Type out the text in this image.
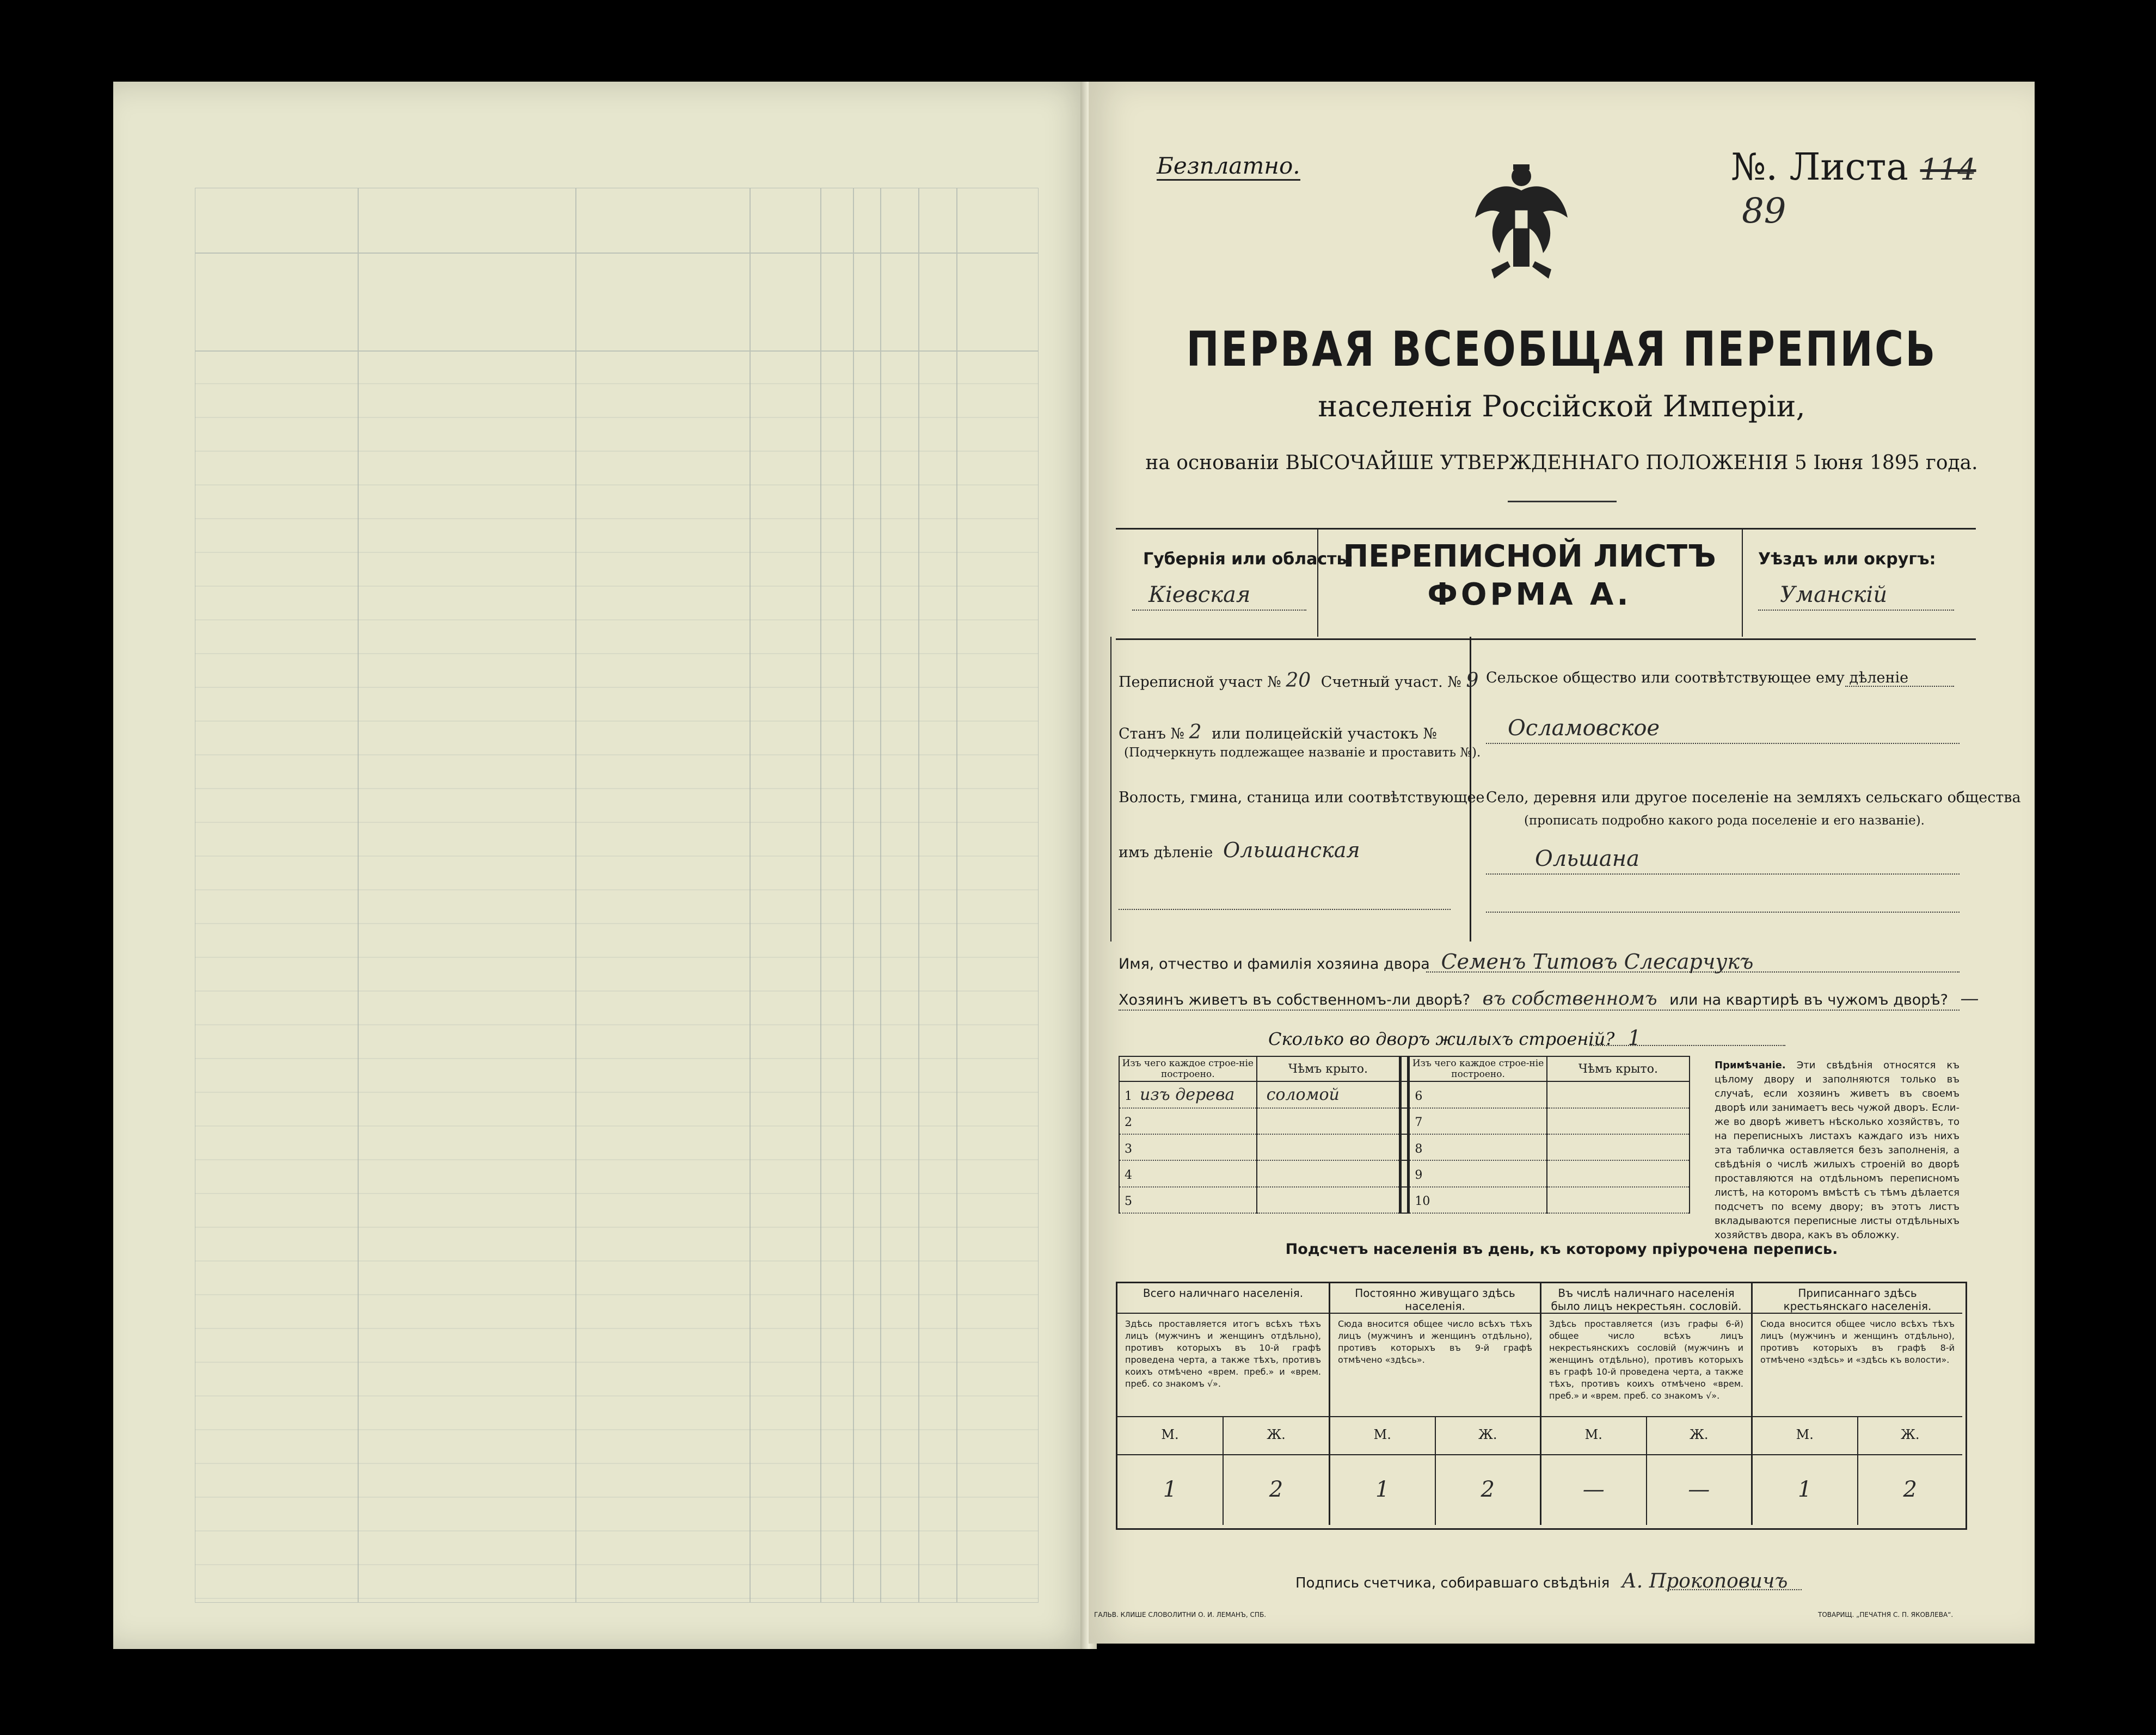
Безплатно.	№. Листа 114 89
ПЕРВАЯ ВСЕОБЩАЯ ПЕРЕПИСЬ
населенія Россійской Имперіи,
на основаніи ВЫСОЧАЙШЕ УТВЕРЖДЕННАГО ПОЛОЖЕНІЯ 5 Іюня 1895 года.
Губернія или область:
Кіевская
ПЕРЕПИСНОЙ ЛИСТЪ
ФОРМА А.
Уѣздъ или округъ:
Уманскій
Переписной участ № 20 Счетный участ. № 9
Станъ № 2 или полицейскій участокъ №
(Подчеркнуть подлежащее названіе и проставить №).
Волость, гмина, станица или соотвѣтствующее
имъ дѣленіе Ольшанская
Сельское общество или соотвѣтствующее ему дѣленіе
Осламовское
Село, деревня или другое поселеніе на земляхъ сельскаго общества
(прописать подробно какого рода поселеніе и его названіе).
Ольшана
Имя, отчество и фамилія хозяина двора Семенъ Титовъ Слесарчукъ
Хозяинъ живетъ въ собственномъ-ли дворѣ? въ собственномъ или на квартирѣ въ чужомъ дворѣ? —
Сколько во дворъ жилыхъ строеній? 1
Изъ чего каждое строе-ніе построено.	Чѣмъ крыто.		Изъ чего каждое строе-ніе построено.	Чѣмъ крыто.
1 изъ дерева	соломой		6	
2			7	
3			8	
4			9	
5			10	
Примѣчаніе. Эти свѣдѣнія относятся къ цѣлому двору и заполняются только въ случаѣ, если хозяинъ живетъ въ своемъ дворѣ или занимаетъ весь чужой дворъ. Если-же во дворѣ живетъ нѣсколько хозяйствъ, то на переписныхъ листахъ каждаго изъ нихъ эта табличка оставляется безъ заполненія, а свѣдѣнія о числѣ жилыхъ строеній во дворѣ проставляются на отдѣльномъ переписномъ листѣ, на которомъ вмѣстѣ съ тѣмъ дѣлается подсчетъ по всему двору; въ этотъ листъ вкладываются переписные листы отдѣльныхъ хозяйствъ двора, какъ въ обложку.
Подсчетъ населенія въ день, къ которому пріурочена перепись.
Всего наличнаго населенія.
Здѣсь проставляется итогъ всѣхъ тѣхъ лицъ (мужчинъ и женщинъ отдѣльно), противъ которыхъ въ 10-й графѣ проведена черта, а также тѣхъ, противъ коихъ отмѣчено «врем. преб.» и «врем. преб. со знакомъ √».
М.	Ж.
1	2
Постоянно живущаго здѣсь населенія.
Сюда вносится общее число всѣхъ тѣхъ лицъ (мужчинъ и женщинъ отдѣльно), противъ которыхъ въ 9-й графѣ отмѣчено «здѣсь».
М.	Ж.
1	2
Въ числѣ наличнаго населенія было лицъ некрестьян. сословій.
Здѣсь проставляется (изъ графы 6-й) общее число всѣхъ лицъ некрестьянскихъ сословій (мужчинъ и женщинъ отдѣльно), противъ которыхъ въ графѣ 10-й проведена черта, а также тѣхъ, противъ коихъ отмѣчено «врем. преб.» и «врем. преб. со знакомъ √».
М.	Ж.
—	—
Приписаннаго здѣсь крестьянскаго населенія.
Сюда вносится общее число всѣхъ тѣхъ лицъ (мужчинъ и женщинъ отдѣльно), противъ которыхъ въ графѣ 8-й отмѣчено «здѣсь» и «здѣсь къ волости».
М.	Ж.
1	2
Подпись счетчика, собиравшаго свѣдѣнія А. Прокоповичъ
ГАЛЬВ. КЛИШЕ СЛОВОЛИТНИ О. И. ЛЕМАНЪ, СПБ.	ТОВАРИЩ. „ПЕЧАТНЯ С. П. ЯКОВЛЕВА“.
